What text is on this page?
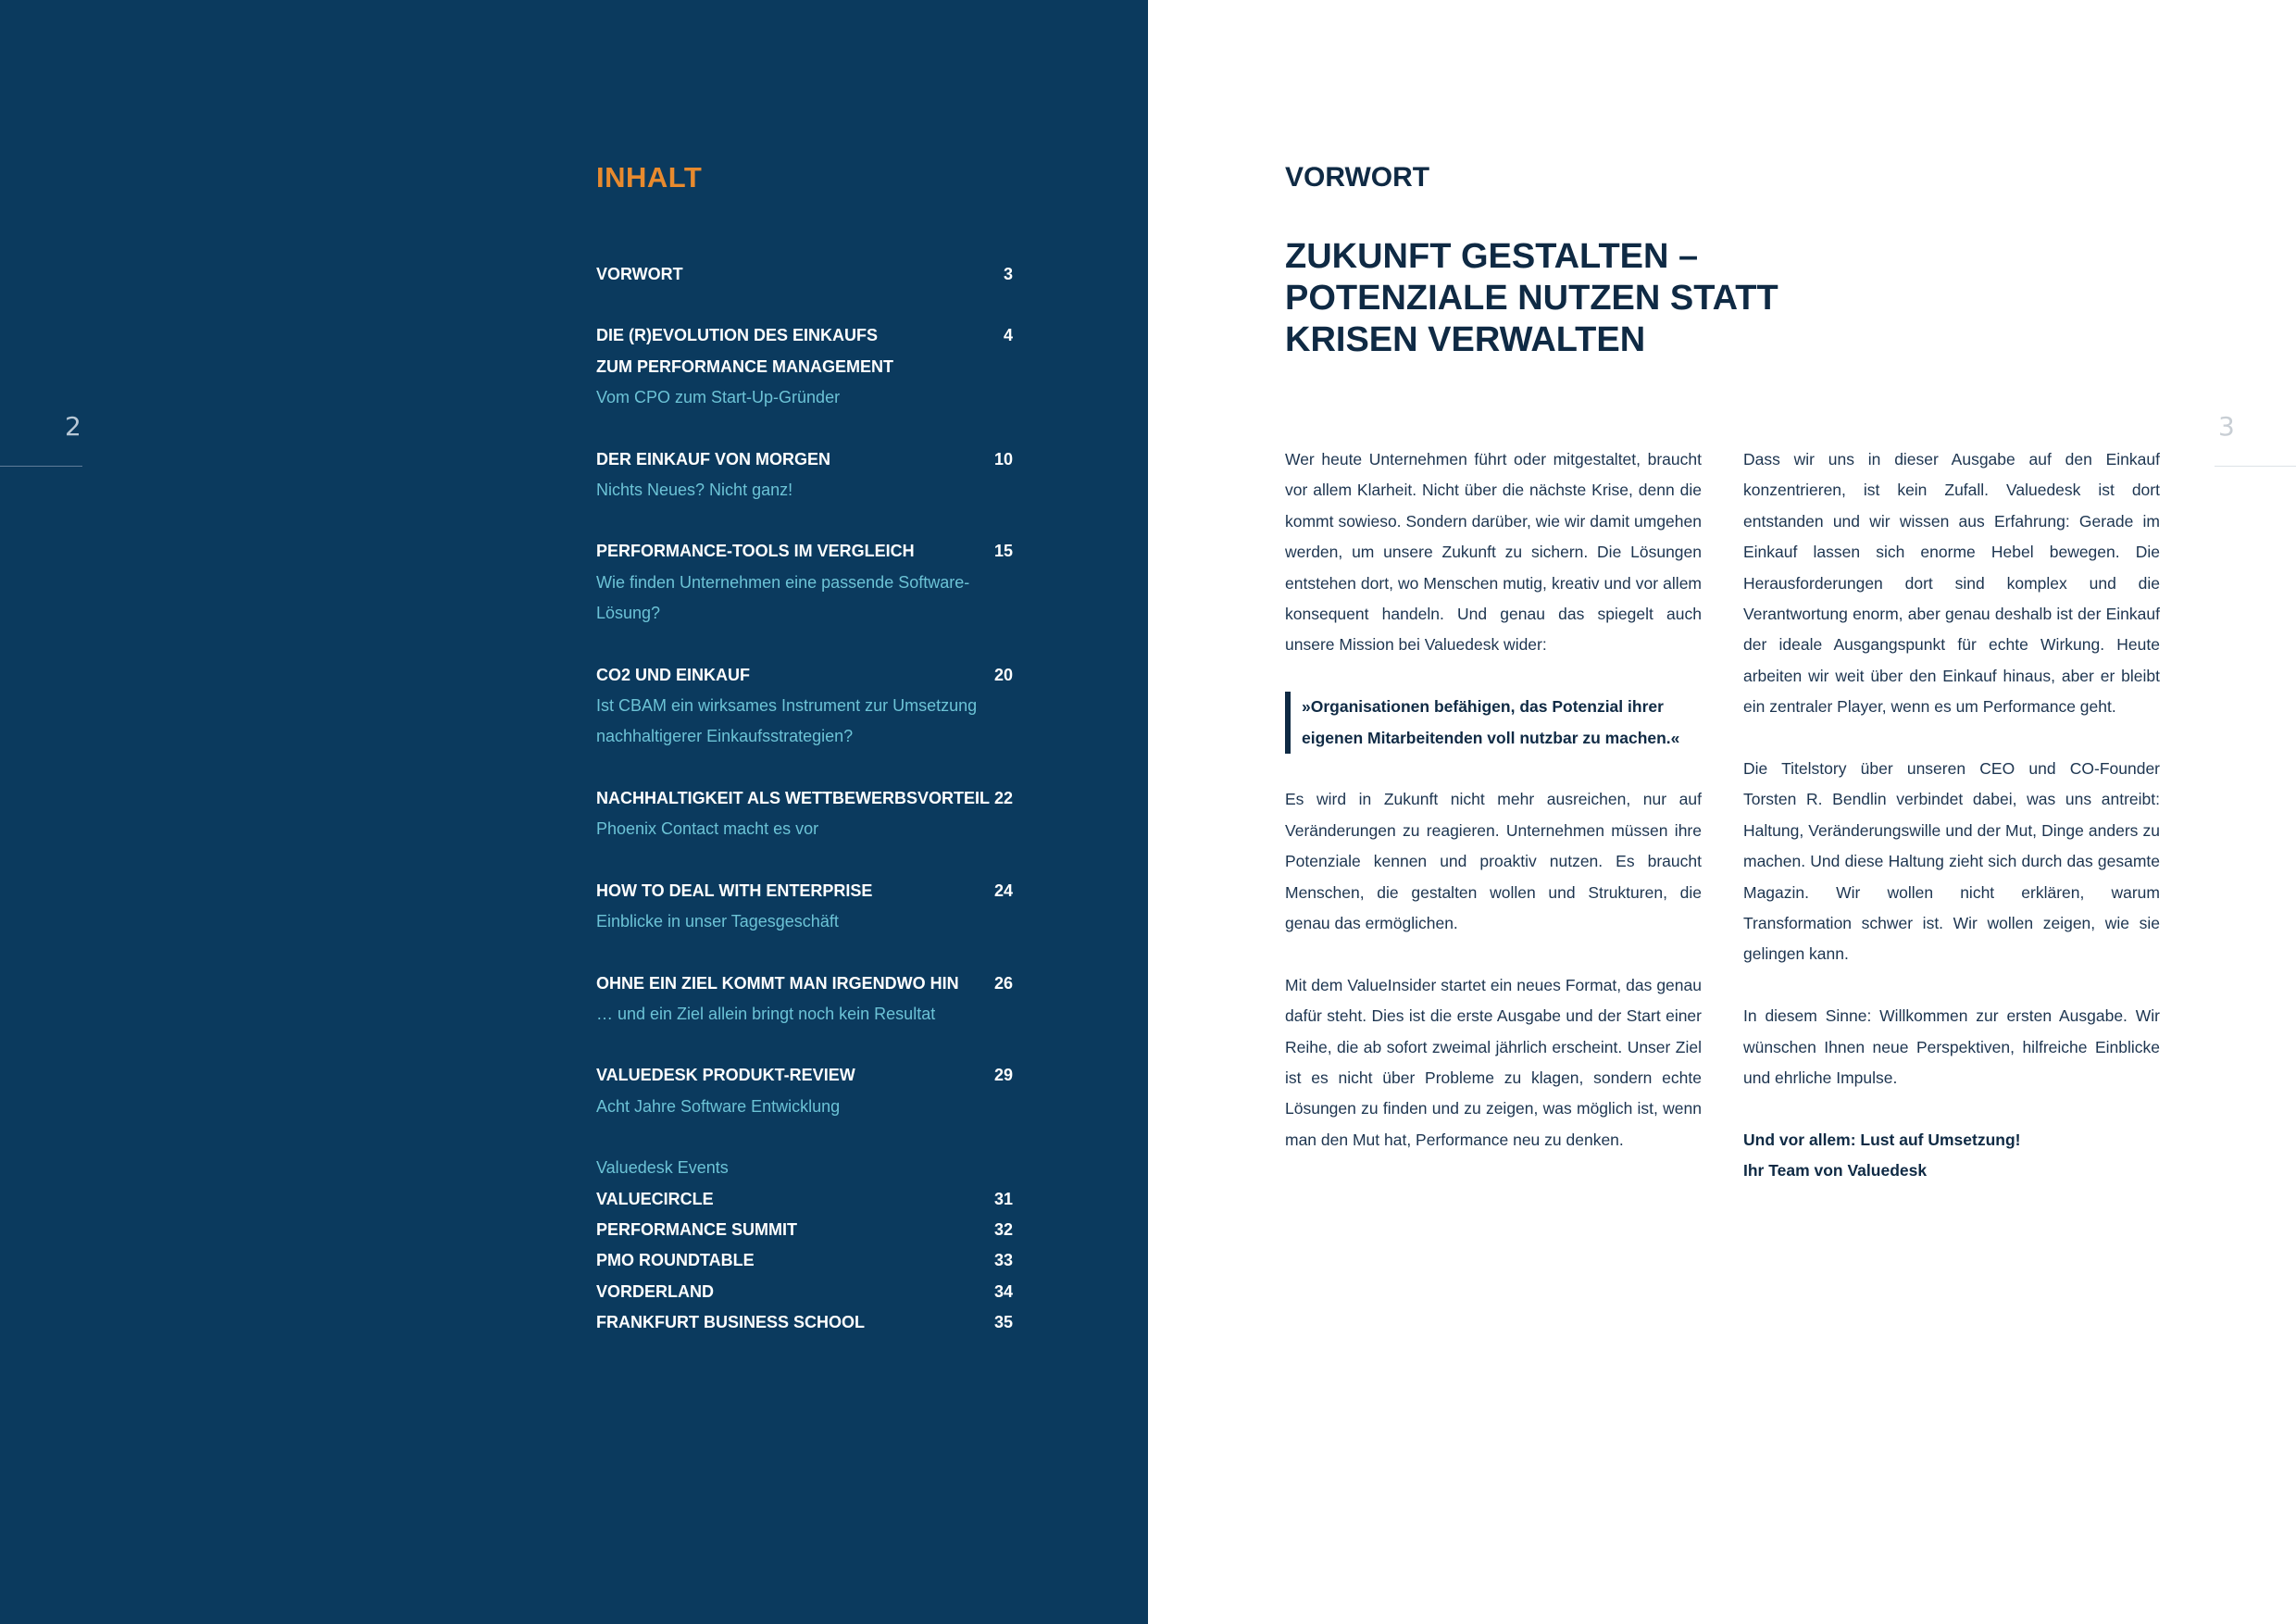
2
INHALT
VORWORT	3
DIE (R)EVOLUTION DES EINKAUFS	4
ZUM PERFORMANCE MANAGEMENT
Vom CPO zum Start-Up-Gründer
DER EINKAUF VON MORGEN	10
Nichts Neues? Nicht ganz!
PERFORMANCE-TOOLS IM VERGLEICH	15
Wie finden Unternehmen eine passende Software-Lösung?
CO2 UND EINKAUF	20
Ist CBAM ein wirksames Instrument zur Umsetzung
nachhaltigerer Einkaufsstrategien?
NACHHALTIGKEIT ALS WETTBEWERBSVORTEIL 22
Phoenix Contact macht es vor
HOW TO DEAL WITH ENTERPRISE	24
Einblicke in unser Tagesgeschäft
OHNE EIN ZIEL KOMMT MAN IRGENDWO HIN 26
… und ein Ziel allein bringt noch kein Resultat
VALUEDESK PRODUKT-REVIEW	29
Acht Jahre Software Entwicklung
Valuedesk Events
VALUECIRCLE	31
PERFORMANCE SUMMIT	32
PMO ROUNDTABLE	33
VORDERLAND	34
FRANKFURT BUSINESS SCHOOL	35
3
VORWORT
ZUKUNFT GESTALTEN –
POTENZIALE NUTZEN STATT
KRISEN VERWALTEN

Wer heute Unternehmen führt oder mitgestaltet, braucht vor allem Klarheit. Nicht über die nächste Krise, denn die kommt sowieso. Sondern darüber, wie wir damit umgehen werden, um unsere Zukunft zu sichern. Die Lösungen entstehen dort, wo Menschen mutig, kreativ und vor allem konsequent handeln. Und genau das spiegelt auch unsere Mission bei Valuedesk wider:

»Organisationen befähigen, das Potenzial ihrer eigenen Mitarbeitenden voll nutzbar zu machen.«

Es wird in Zukunft nicht mehr ausreichen, nur auf Veränderungen zu reagieren. Unternehmen müssen ihre Potenziale kennen und proaktiv nutzen. Es braucht Menschen, die gestalten wollen und Strukturen, die genau das ermöglichen.

Mit dem ValueInsider startet ein neues Format, das genau dafür steht. Dies ist die erste Ausgabe und der Start einer Reihe, die ab sofort zweimal jährlich erscheint. Unser Ziel ist es nicht über Probleme zu klagen, sondern echte Lösungen zu finden und zu zeigen, was möglich ist, wenn man den Mut hat, Performance neu zu denken.

Dass wir uns in dieser Ausgabe auf den Einkauf konzentrieren, ist kein Zufall. Valuedesk ist dort entstanden und wir wissen aus Erfahrung: Gerade im Einkauf lassen sich enorme Hebel bewegen. Die Herausforderungen dort sind komplex und die Verantwortung enorm, aber genau deshalb ist der Einkauf der ideale Ausgangspunkt für echte Wirkung. Heute arbeiten wir weit über den Einkauf hinaus, aber er bleibt ein zentraler Player, wenn es um Performance geht.

Die Titelstory über unseren CEO und CO-Founder Torsten R. Bendlin verbindet dabei, was uns antreibt: Haltung, Veränderungswille und der Mut, Dinge anders zu machen. Und diese Haltung zieht sich durch das gesamte Magazin. Wir wollen nicht erklären, warum Transformation schwer ist. Wir wollen zeigen, wie sie gelingen kann.

In diesem Sinne: Willkommen zur ersten Ausgabe. Wir wünschen Ihnen neue Perspektiven, hilfreiche Einblicke und ehrliche Impulse.

Und vor allem: Lust auf Umsetzung!
Ihr Team von Valuedesk
